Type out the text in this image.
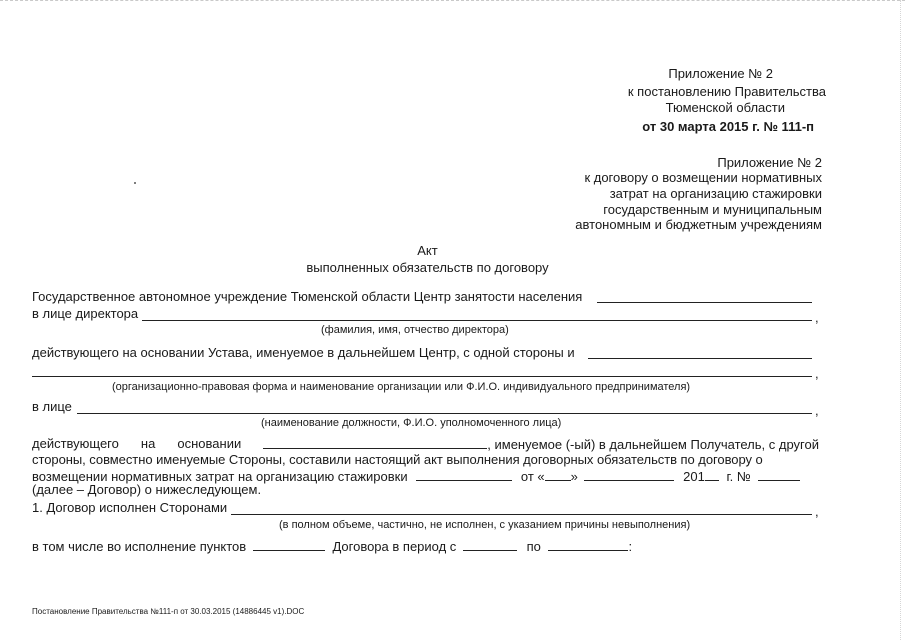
Приложение № 2
к постановлению Правительства
Тюменской области
от 30 марта 2015 г. № 111-п
Приложение № 2
к договору о возмещении нормативных
затрат на организацию стажировки
государственным и муниципальным
автономным и бюджетным учреждениям
Акт
выполненных обязательств по договору
Государственное автономное учреждение Тюменской области Центр занятости населения
в лице директора	,
(фамилия, имя, отчество директора)
действующего на основании Устава, именуемое в дальнейшем Центр, с одной стороны и
,
(организационно-правовая форма и наименование организации или Ф.И.О. индивидуального предпринимателя)
в лице	,
(наименование должности, Ф.И.О. уполномоченного лица)
действующего на основании	, именуемое (-ый) в дальнейшем Получатель, с другой
стороны, совместно именуемые Стороны, составили настоящий акт выполнения договорных обязательств по договору о
возмещении нормативных затрат на организацию стажировки	от « »	201 г. №
(далее – Договор) о нижеследующем.
1. Договор исполнен Сторонами	,
(в полном объеме, частично, не исполнен, с указанием причины невыполнения)
в том числе во исполнение пунктов	Договора в период с	по	:
Постановление Правительства №111-п от 30.03.2015 (14886445 v1).DOC
